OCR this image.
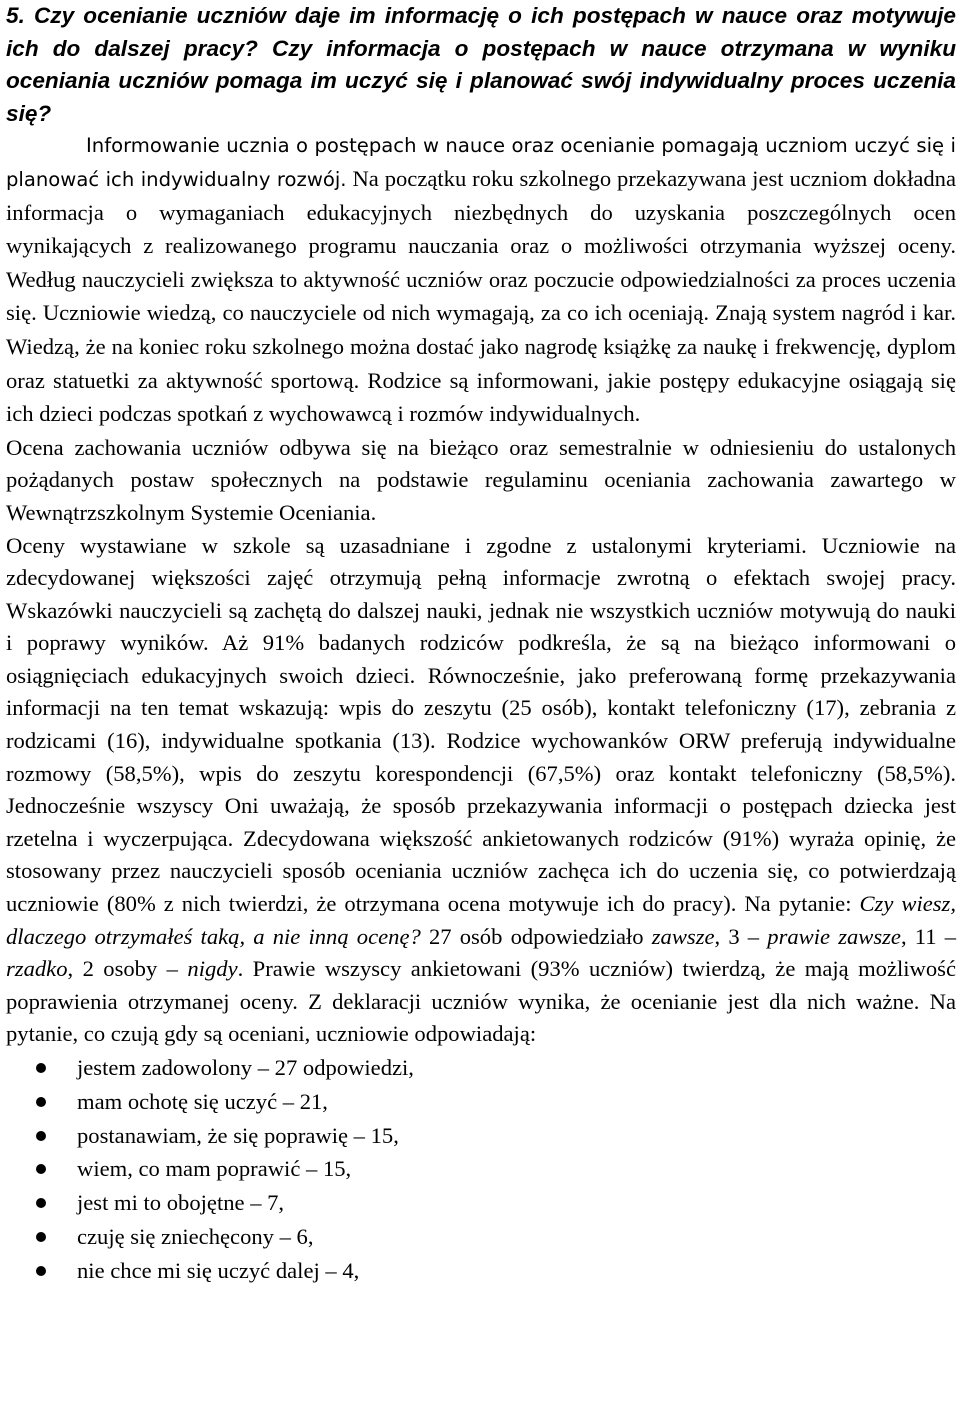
5. Czy ocenianie uczniów daje im informację o ich postępach w nauce oraz motywuje ich do dalszej pracy? Czy informacja o postępach w nauce otrzymana w wyniku oceniania uczniów pomaga im uczyć się i planować swój indywidualny proces uczenia się?

Informowanie ucznia o postępach w nauce oraz ocenianie pomagają uczniom uczyć się i planować ich indywidualny rozwój. Na początku roku szkolnego przekazywana jest uczniom dokładna informacja o wymaganiach edukacyjnych niezbędnych do uzyskania poszczególnych ocen wynikających z realizowanego programu nauczania oraz o możliwości otrzymania wyższej oceny. Według nauczycieli zwiększa to aktywność uczniów oraz poczucie odpowiedzialności za proces uczenia się. Uczniowie wiedzą, co nauczyciele od nich wymagają, za co ich oceniają. Znają system nagród i kar. Wiedzą, że na koniec roku szkolnego można dostać jako nagrodę książkę za naukę i frekwencję, dyplom oraz statuetki za aktywność sportową. Rodzice są informowani, jakie postępy edukacyjne osiągają się ich dzieci podczas spotkań z wychowawcą i rozmów indywidualnych.

Ocena zachowania uczniów odbywa się na bieżąco oraz semestralnie w odniesieniu do ustalonych pożądanych postaw społecznych na podstawie regulaminu oceniania zachowania zawartego w Wewnątrzszkolnym Systemie Oceniania.

Oceny wystawiane w szkole są uzasadniane i zgodne z ustalonymi kryteriami. Uczniowie na zdecydowanej większości zajęć otrzymują pełną informacje zwrotną o efektach swojej pracy. Wskazówki nauczycieli są zachętą do dalszej nauki, jednak nie wszystkich uczniów motywują do nauki i poprawy wyników. Aż 91% badanych rodziców podkreśla, że są na bieżąco informowani o osiągnięciach edukacyjnych swoich dzieci. Równocześnie, jako preferowaną formę przekazywania informacji na ten temat wskazują: wpis do zeszytu (25 osób), kontakt telefoniczny (17), zebrania z rodzicami (16), indywidualne spotkania (13). Rodzice wychowanków ORW preferują indywidualne rozmowy (58,5%), wpis do zeszytu korespondencji (67,5%) oraz kontakt telefoniczny (58,5%). Jednocześnie wszyscy Oni uważają, że sposób przekazywania informacji o postępach dziecka jest rzetelna i wyczerpująca. Zdecydowana większość ankietowanych rodziców (91%) wyraża opinię, że stosowany przez nauczycieli sposób oceniania uczniów zachęca ich do uczenia się, co potwierdzają uczniowie (80% z nich twierdzi, że otrzymana ocena motywuje ich do pracy). Na pytanie: Czy wiesz, dlaczego otrzymałeś taką, a nie inną ocenę? 27 osób odpowiedziało zawsze, 3 – prawie zawsze, 11 – rzadko, 2 osoby – nigdy. Prawie wszyscy ankietowani (93% uczniów) twierdzą, że mają możliwość poprawienia otrzymanej oceny. Z deklaracji uczniów wynika, że ocenianie jest dla nich ważne. Na pytanie, co czują gdy są oceniani, uczniowie odpowiadają:

jestem zadowolony – 27 odpowiedzi,
mam ochotę się uczyć – 21,
postanawiam, że się poprawię – 15,
wiem, co mam poprawić – 15,
jest mi to obojętne – 7,
czuję się zniechęcony – 6,
nie chce mi się uczyć dalej – 4,
